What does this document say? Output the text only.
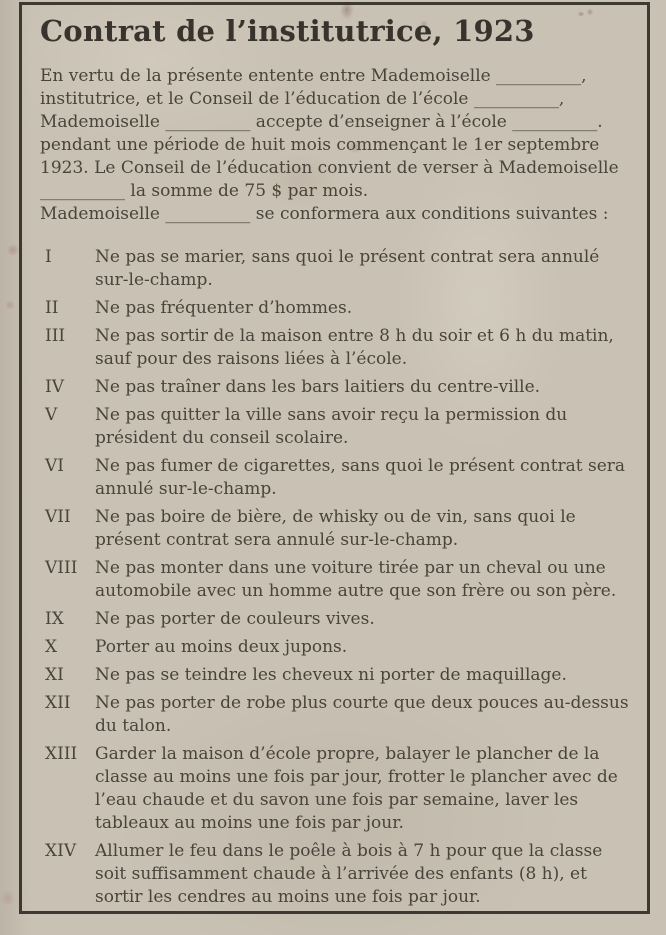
Contrat de l’institutrice, 1923
En vertu de la présente entente entre Mademoiselle __________,
institutrice, et le Conseil de l’éducation de l’école __________,
Mademoiselle __________ accepte d’enseigner à l’école __________.
pendant une période de huit mois commençant le 1er septembre
1923. Le Conseil de l’éducation convient de verser à Mademoiselle
__________ la somme de 75 $ par mois.
Mademoiselle __________ se conformera aux conditions suivantes :
I	Ne pas se marier, sans quoi le présent contrat sera annulé
sur-le-champ.
II	Ne pas fréquenter d’hommes.
III	Ne pas sortir de la maison entre 8 h du soir et 6 h du matin,
sauf pour des raisons liées à l’école.
IV	Ne pas traîner dans les bars laitiers du centre-ville.
V	Ne pas quitter la ville sans avoir reçu la permission du
président du conseil scolaire.
VI	Ne pas fumer de cigarettes, sans quoi le présent contrat sera
annulé sur-le-champ.
VII	Ne pas boire de bière, de whisky ou de vin, sans quoi le
présent contrat sera annulé sur-le-champ.
VIII	Ne pas monter dans une voiture tirée par un cheval ou une
automobile avec un homme autre que son frère ou son père.
IX	Ne pas porter de couleurs vives.
X	Porter au moins deux jupons.
XI	Ne pas se teindre les cheveux ni porter de maquillage.
XII	Ne pas porter de robe plus courte que deux pouces au-dessus
du talon.
XIII	Garder la maison d’école propre, balayer le plancher de la
classe au moins une fois par jour, frotter le plancher avec de
l’eau chaude et du savon une fois par semaine, laver les
tableaux au moins une fois par jour.
XIV	Allumer le feu dans le poêle à bois à 7 h pour que la classe
soit suffisamment chaude à l’arrivée des enfants (8 h), et
sortir les cendres au moins une fois par jour.
